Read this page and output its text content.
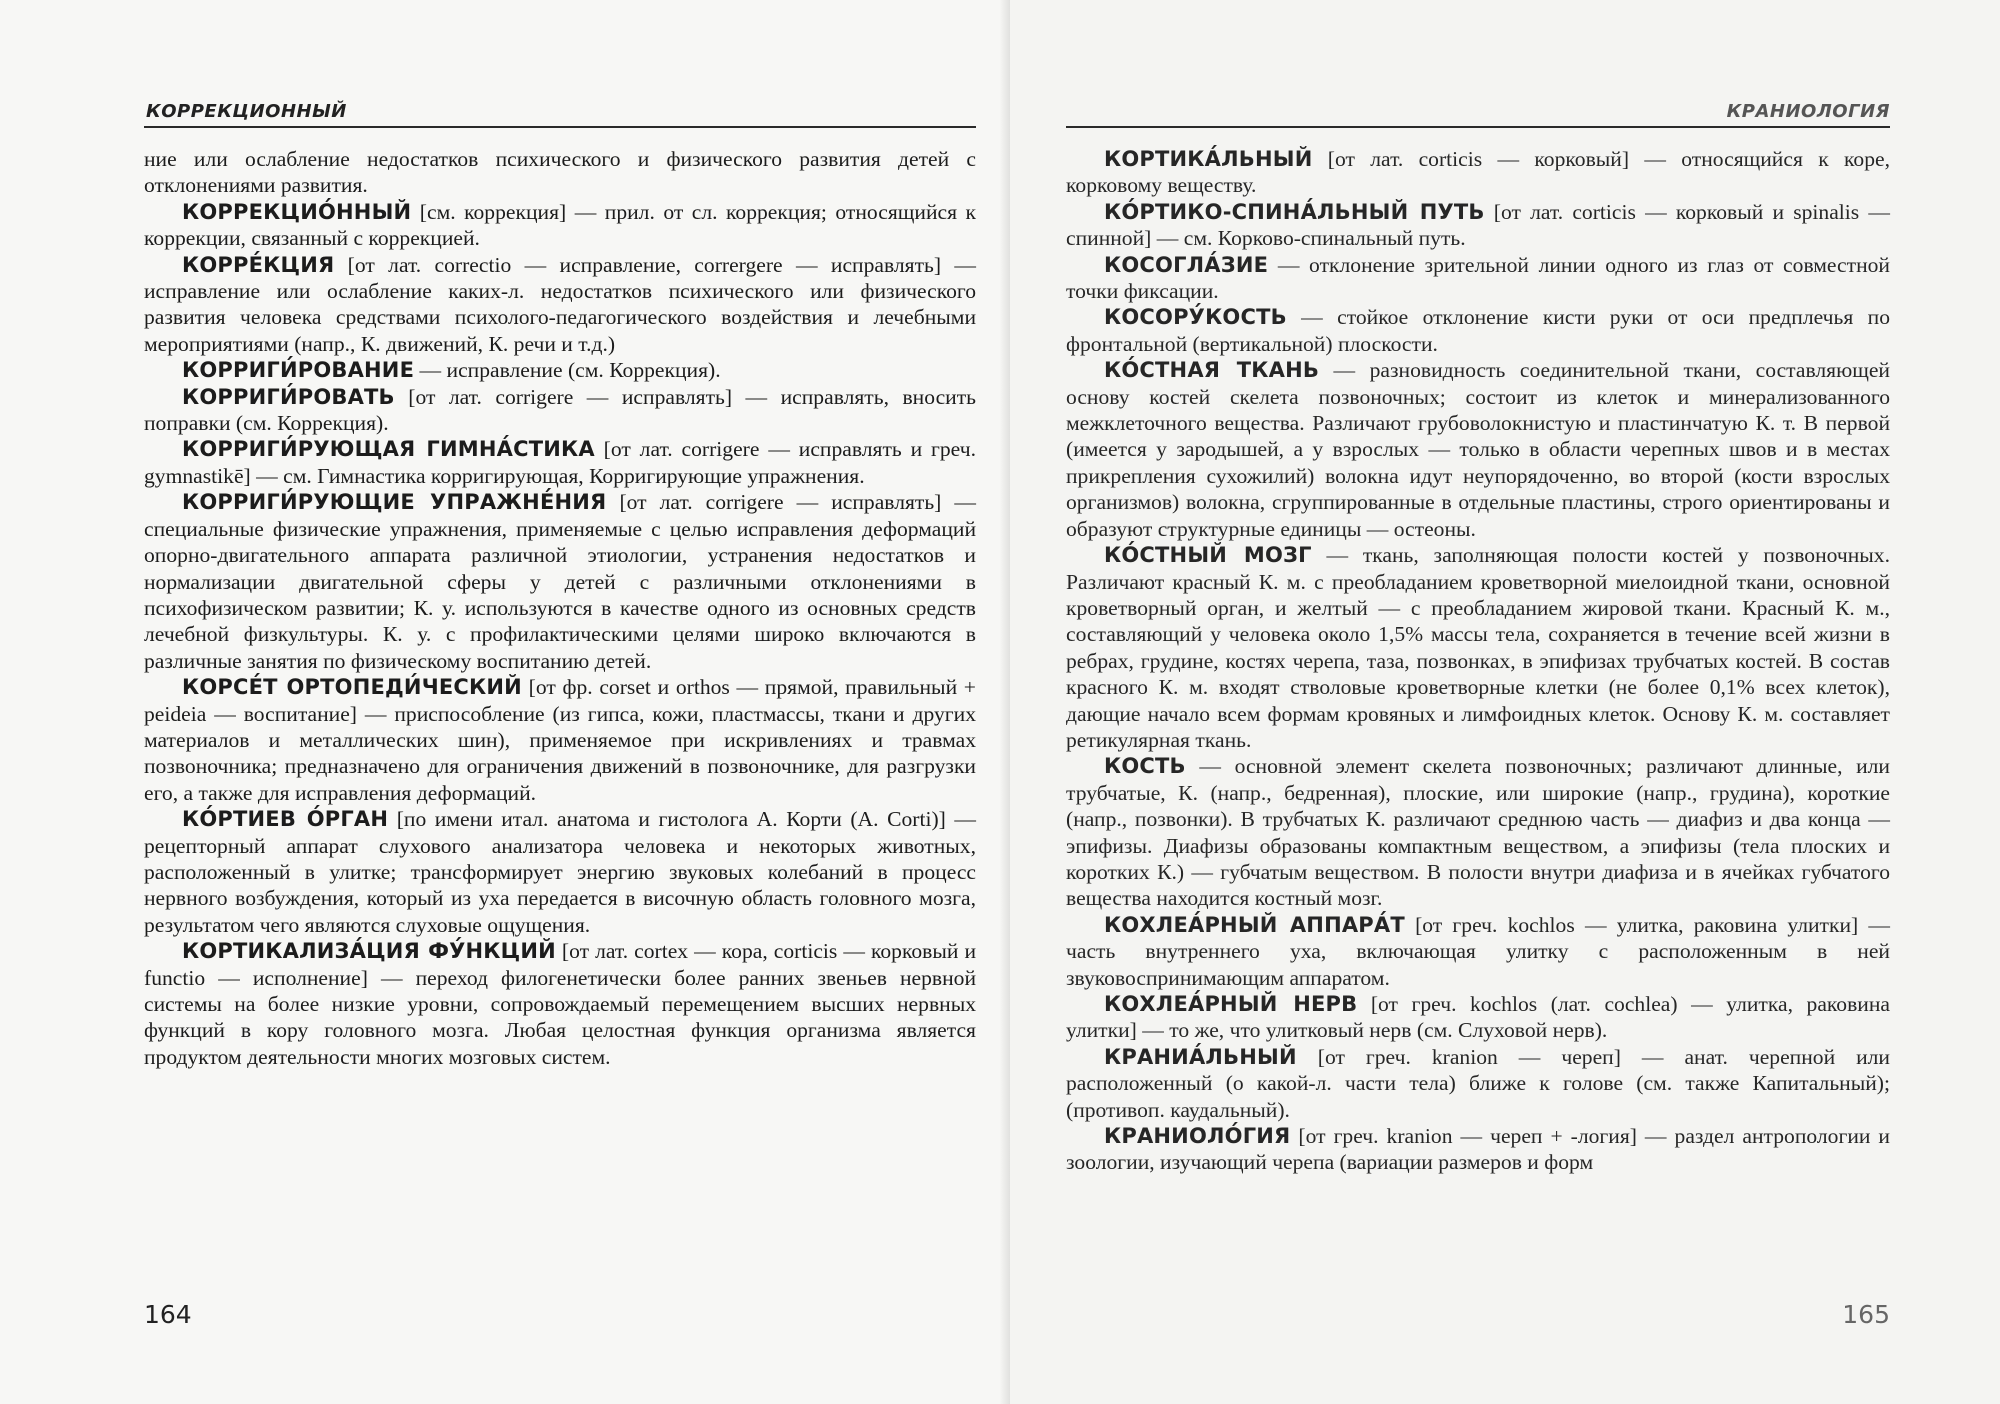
КОРРЕКЦИОННЫЙ

ние или ослабление недостатков психического и физического развития детей с отклонениями развития.

КОРРЕКЦИО́ННЫЙ [см. коррекция] — прил. от сл. коррекция; относящийся к коррекции, связанный с коррекцией.

КОРРЕ́КЦИЯ [от лат. correctio — исправление, corrergere — исправлять] — исправление или ослабление каких-л. недостатков психического или физического развития человека средствами психолого-педагогического воздействия и лечебными мероприятиями (напр., К. движений, К. речи и т.д.)

КОРРИГИ́РОВАНИЕ — исправление (см. Коррекция).

КОРРИГИ́РОВАТЬ [от лат. corrigere — исправлять] — исправлять, вносить поправки (см. Коррекция).

КОРРИГИ́РУЮЩАЯ ГИМНА́СТИКА [от лат. corrigere — исправлять и греч. gymnastikē] — см. Гимнастика корригирующая, Корригирующие упражнения.

КОРРИГИ́РУЮЩИЕ УПРАЖНЕ́НИЯ [от лат. corrigere — исправлять] — специальные физические упражнения, применяемые с целью исправления деформаций опорно-двигательного аппарата различной этиологии, устранения недостатков и нормализации двигательной сферы у детей с различными отклонениями в психофизическом развитии; К. у. используются в качестве одного из основных средств лечебной физкультуры. К. у. с профилактическими целями широко включаются в различные занятия по физическому воспитанию детей.

КОРСЕ́Т ОРТОПЕДИ́ЧЕСКИЙ [от фр. corset и orthos — прямой, правильный + peideia — воспитание] — приспособление (из гипса, кожи, пластмассы, ткани и других материалов и металлических шин), применяемое при искривлениях и травмах позвоночника; предназначено для ограничения движений в позвоночнике, для разгрузки его, а также для исправления деформаций.

КО́РТИЕВ О́РГАН [по имени итал. анатома и гистолога А. Корти (A. Corti)] — рецепторный аппарат слухового анализатора человека и некоторых животных, расположенный в улитке; трансформирует энергию звуковых колебаний в процесс нервного возбуждения, который из уха передается в височную область головного мозга, результатом чего являются слуховые ощущения.

КОРТИКАЛИЗА́ЦИЯ ФУ́НКЦИЙ [от лат. cortex — кора, corticis — корковый и functio — исполнение] — переход филогенетически более ранних звеньев нервной системы на более низкие уровни, сопровождаемый перемещением высших нервных функций в кору головного мозга. Любая целостная функция организма является продуктом деятельности многих мозговых систем.

164
КРАНИОЛОГИЯ

КОРТИКА́ЛЬНЫЙ [от лат. corticis — корковый] — относящийся к коре, корковому веществу.

КО́РТИКО-СПИНА́ЛЬНЫЙ ПУТЬ [от лат. corticis — корковый и spinalis — спинной] — см. Корково-спинальный путь.

КОСОГЛА́ЗИЕ — отклонение зрительной линии одного из глаз от совместной точки фиксации.

КОСОРУ́КОСТЬ — стойкое отклонение кисти руки от оси предплечья по фронтальной (вертикальной) плоскости.

КО́СТНАЯ ТКАНЬ — разновидность соединительной ткани, составляющей основу костей скелета позвоночных; состоит из клеток и минерализованного межклеточного вещества. Различают грубоволокнистую и пластинчатую К. т. В первой (имеется у зародышей, а у взрослых — только в области черепных швов и в местах прикрепления сухожилий) волокна идут неупорядоченно, во второй (кости взрослых организмов) волокна, сгруппированные в отдельные пластины, строго ориентированы и образуют структурные единицы — остеоны.

КО́СТНЫЙ МОЗГ — ткань, заполняющая полости костей у позвоночных. Различают красный К. м. с преобладанием кроветворной миелоидной ткани, основной кроветворный орган, и желтый — с преобладанием жировой ткани. Красный К. м., составляющий у человека около 1,5% массы тела, сохраняется в течение всей жизни в ребрах, грудине, костях черепа, таза, позвонках, в эпифизах трубчатых костей. В состав красного К. м. входят стволовые кроветворные клетки (не более 0,1% всех клеток), дающие начало всем формам кровяных и лимфоидных клеток. Основу К. м. составляет ретикулярная ткань.

КОСТЬ — основной элемент скелета позвоночных; различают длинные, или трубчатые, К. (напр., бедренная), плоские, или широкие (напр., грудина), короткие (напр., позвонки). В трубчатых К. различают среднюю часть — диафиз и два конца — эпифизы. Диафизы образованы компактным веществом, а эпифизы (тела плоских и коротких К.) — губчатым веществом. В полости внутри диафиза и в ячейках губчатого вещества находится костный мозг.

КОХЛЕА́РНЫЙ АППАРА́Т [от греч. kochlos — улитка, раковина улитки] — часть внутреннего уха, включающая улитку с расположенным в ней звуковоспринимающим аппаратом.

КОХЛЕА́РНЫЙ НЕРВ [от греч. kochlos (лат. cochlea) — улитка, раковина улитки] — то же, что улитковый нерв (см. Слуховой нерв).

КРАНИА́ЛЬНЫЙ [от греч. kranion — череп] — анат. черепной или расположенный (о какой-л. части тела) ближе к голове (см. также Капитальный); (противоп. каудальный).

КРАНИОЛО́ГИЯ [от греч. kranion — череп + -логия] — раздел антропологии и зоологии, изучающий черепа (вариации размеров и форм

165
